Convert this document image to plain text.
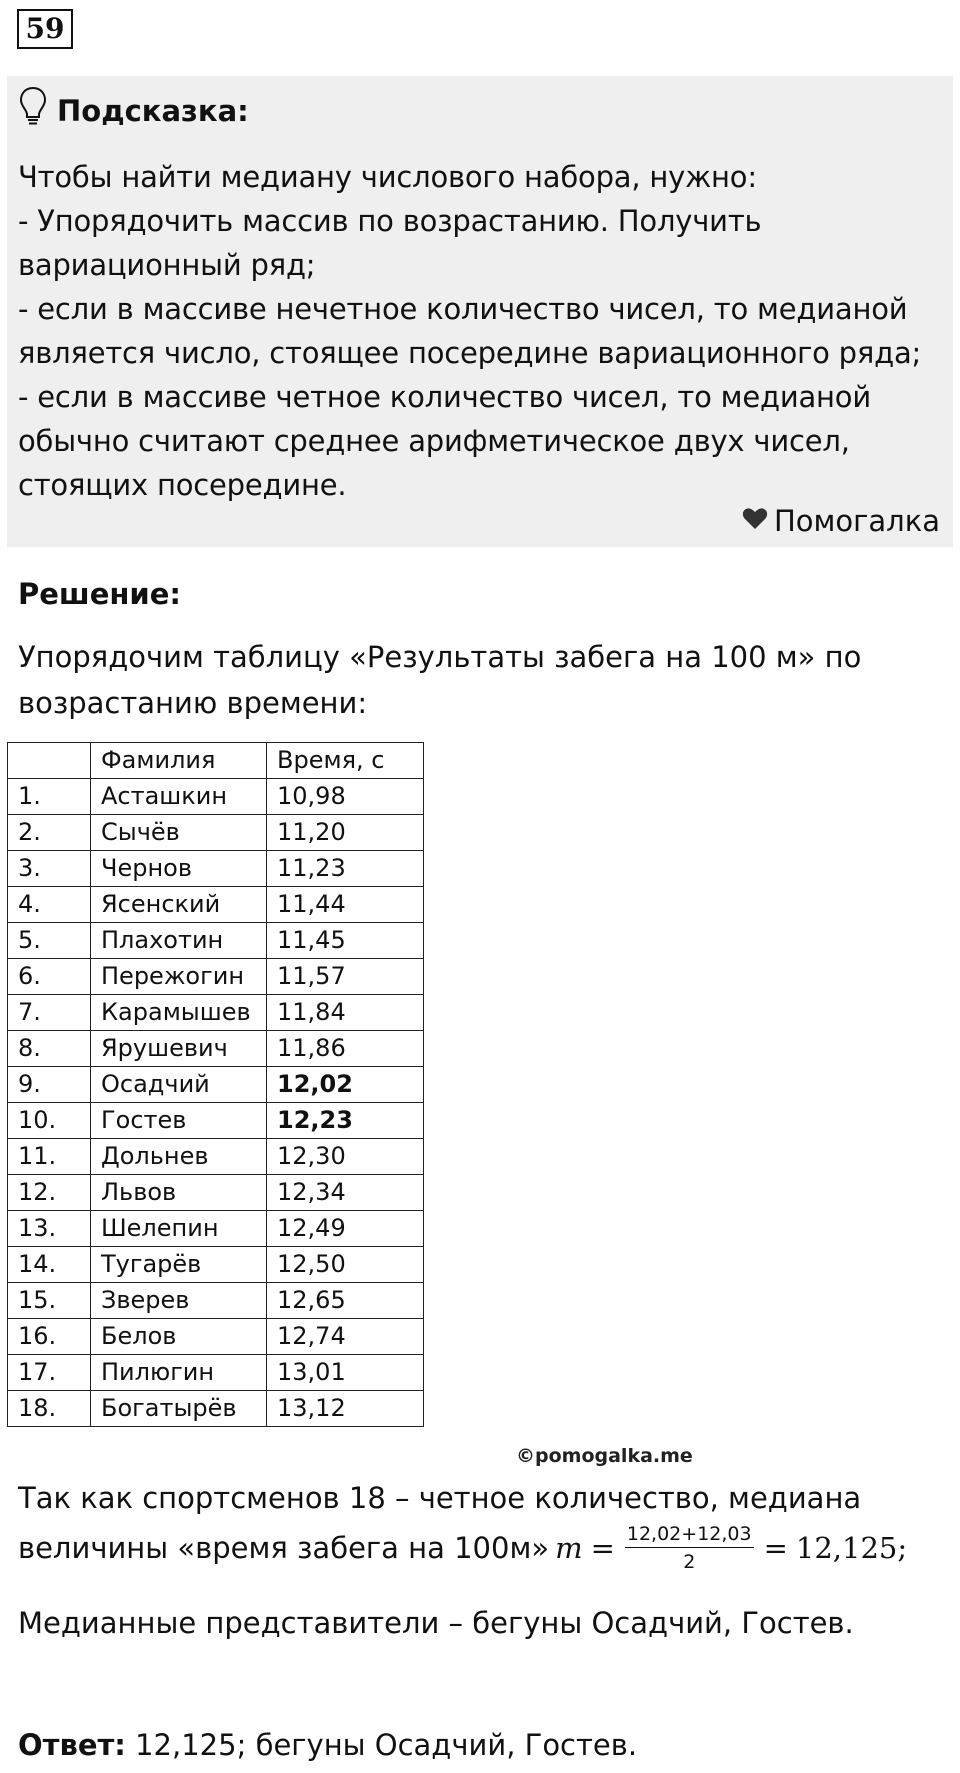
59
Подсказка:
Чтобы найти медиану числового набора, нужно:
- Упорядочить массив по возрастанию. Получить
вариационный ряд;
- если в массиве нечетное количество чисел, то медианой
является число, стоящее посередине вариационного ряда;
- если в массиве четное количество чисел, то медианой
обычно считают среднее арифметическое двух чисел,
стоящих посередине.
Помогалка
Решение:
Упорядочим таблицу «Результаты забега на 100 м» по
возрастанию времени:
	Фамилия	Время, с
1.	Асташкин	10,98
2.	Сычёв	11,20
3.	Чернов	11,23
4.	Ясенский	11,44
5.	Плахотин	11,45
6.	Пережогин	11,57
7.	Карамышев	11,84
8.	Ярушевич	11,86
9.	Осадчий	12,02
10.	Гостев	12,23
11.	Дольнев	12,30
12.	Львов	12,34
13.	Шелепин	12,49
14.	Тугарёв	12,50
15.	Зверев	12,65
16.	Белов	12,74
17.	Пилюгин	13,01
18.	Богатырёв	13,12
©pomogalka.me
Так как спортсменов 18 – четное количество, медиана
величины «время забега на 100м» $m = \frac{12,02+12,03}{2} = 12,125$;
Медианные представители – бегуны Осадчий, Гостев.
Ответ: 12,125; бегуны Осадчий, Гостев.
